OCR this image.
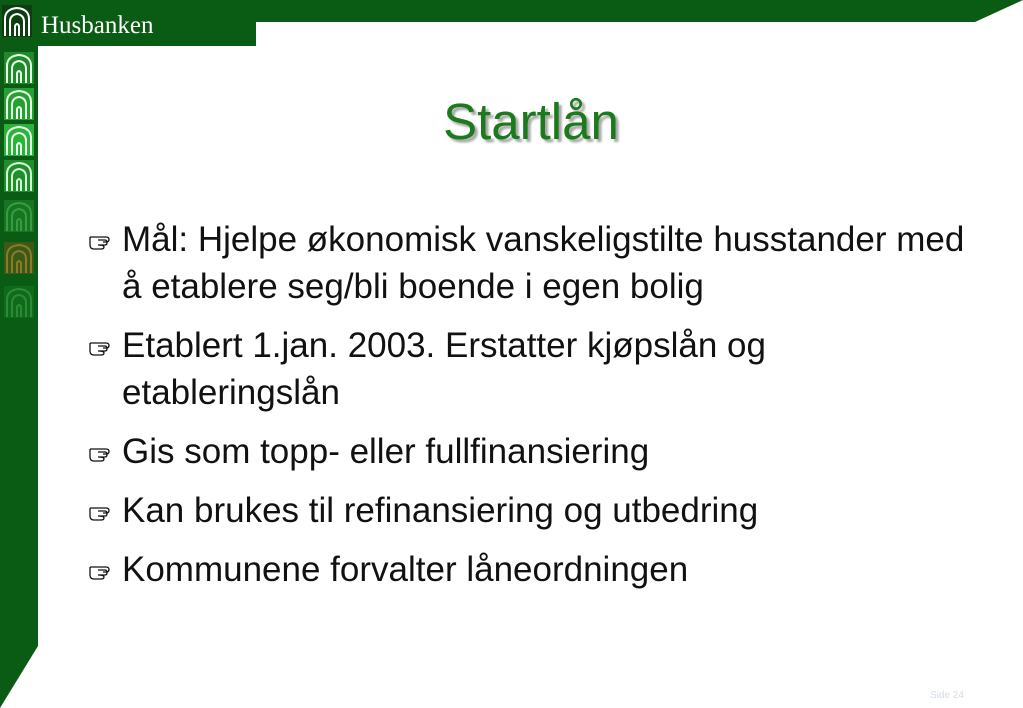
Husbanken
Startlån
Mål: Hjelpe økonomisk vanskeligstilte husstander med å etablere seg/bli boende i egen bolig
Etablert 1.jan. 2003. Erstatter kjøpslån og etableringslån
Gis som topp- eller fullfinansiering
Kan brukes til refinansiering og utbedring
Kommunene forvalter låneordningen
Side 24
